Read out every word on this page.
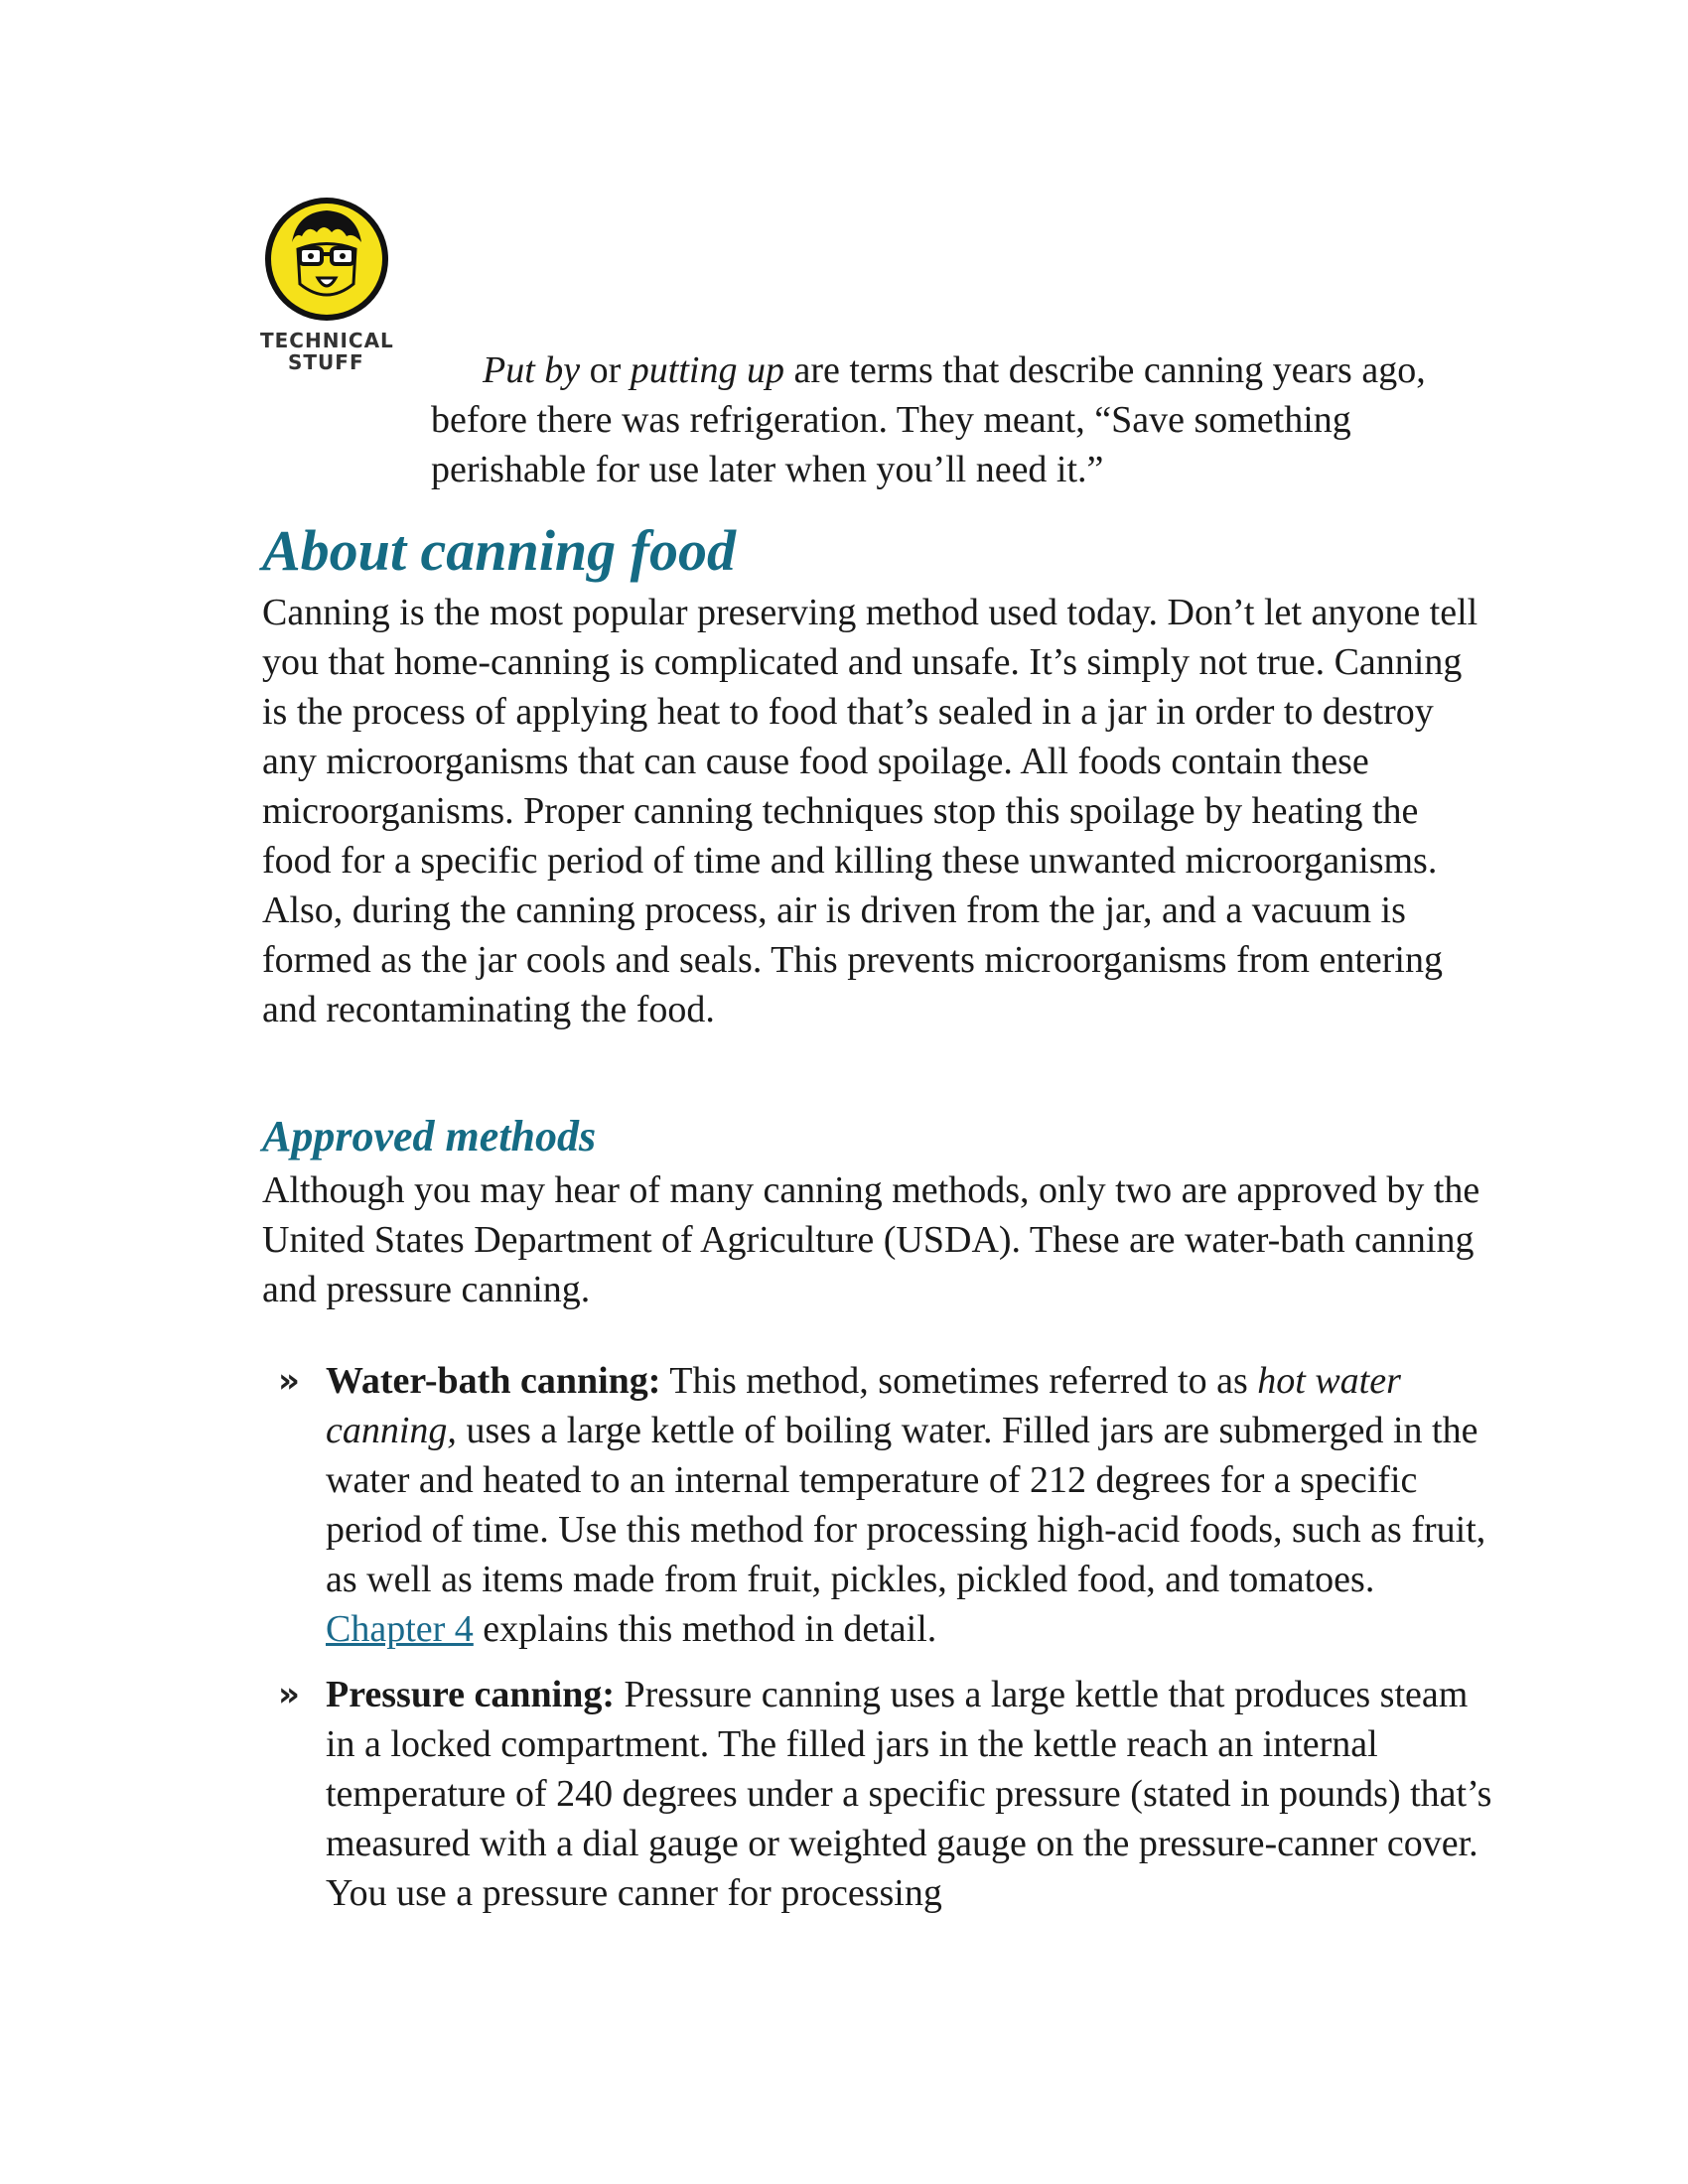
TECHNICAL
STUFF	Put by or putting up are terms that describe canning years ago, before there was refrigeration. They meant, “Save something perishable for use later when you’ll need it.”

About canning food

Canning is the most popular preserving method used today. Don’t let anyone tell you that home-canning is complicated and unsafe. It’s simply not true. Canning is the process of applying heat to food that’s sealed in a jar in order to destroy any microorganisms that can cause food spoilage. All foods contain these microorganisms. Proper canning techniques stop this spoilage by heating the food for a specific period of time and killing these unwanted microorganisms. Also, during the canning process, air is driven from the jar, and a vacuum is formed as the jar cools and seals. This prevents microorganisms from entering and recontaminating the food.

Approved methods

Although you may hear of many canning methods, only two are approved by the United States Department of Agriculture (USDA). These are water-bath canning and pressure canning.

» Water-bath canning: This method, sometimes referred to as hot water canning, uses a large kettle of boiling water. Filled jars are submerged in the water and heated to an internal temperature of 212 degrees for a specific period of time. Use this method for processing high-acid foods, such as fruit, as well as items made from fruit, pickles, pickled food, and tomatoes. Chapter 4 explains this method in detail.
» Pressure canning: Pressure canning uses a large kettle that produces steam in a locked compartment. The filled jars in the kettle reach an internal temperature of 240 degrees under a specific pressure (stated in pounds) that’s measured with a dial gauge or weighted gauge on the pressure-canner cover. You use a pressure canner for processing
